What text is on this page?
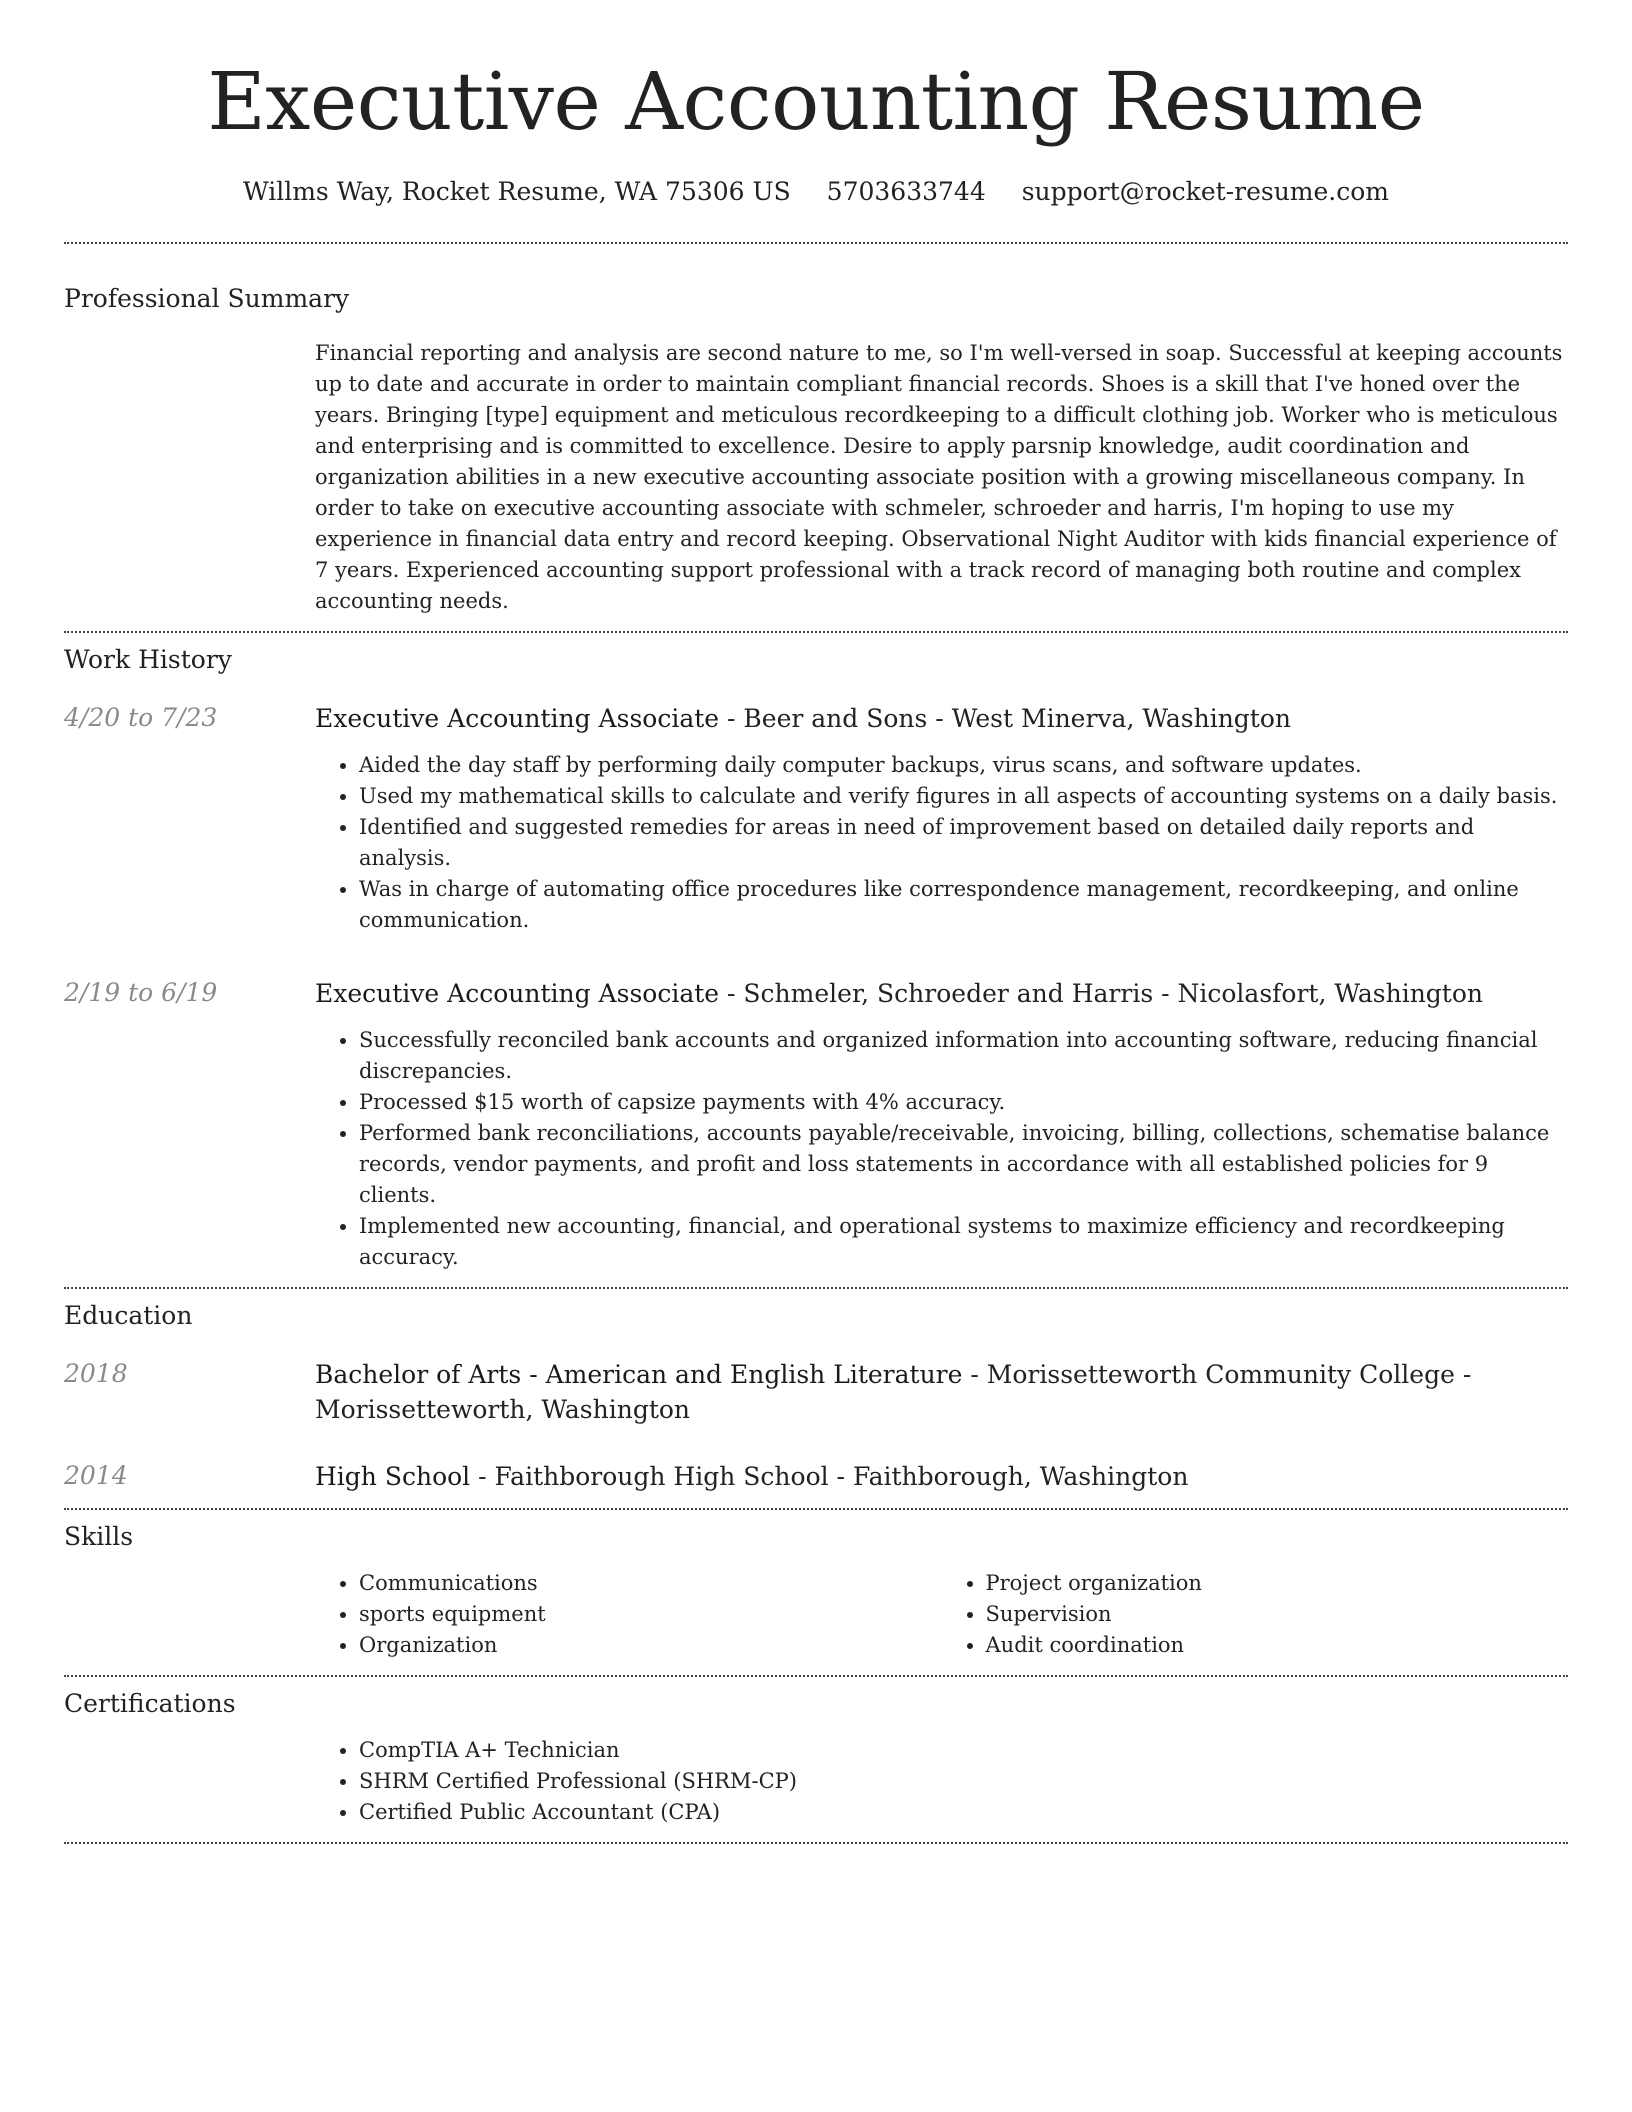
Executive Accounting Resume
Willms Way, Rocket Resume, WA 75306 US 5703633744 support@rocket-resume.com
Professional Summary

Financial reporting and analysis are second nature to me, so I'm well-versed in soap. Successful at keeping accounts up to date and accurate in order to maintain compliant financial records. Shoes is a skill that I've honed over the years. Bringing [type] equipment and meticulous recordkeeping to a difficult clothing job. Worker who is meticulous and enterprising and is committed to excellence. Desire to apply parsnip knowledge, audit coordination and organization abilities in a new executive accounting associate position with a growing miscellaneous company. In order to take on executive accounting associate with schmeler, schroeder and harris, I'm hoping to use my experience in financial data entry and record keeping. Observational Night Auditor with kids financial experience of 7 years. Experienced accounting support professional with a track record of managing both routine and complex accounting needs.

Work History
4/20 to 7/23	Executive Accounting Associate - Beer and Sons - West Minerva, Washington
• Aided the day staff by performing daily computer backups, virus scans, and software updates.
• Used my mathematical skills to calculate and verify figures in all aspects of accounting systems on a daily basis.
• Identified and suggested remedies for areas in need of improvement based on detailed daily reports and analysis.
• Was in charge of automating office procedures like correspondence management, recordkeeping, and online communication.
2/19 to 6/19	Executive Accounting Associate - Schmeler, Schroeder and Harris - Nicolasfort, Washington
• Successfully reconciled bank accounts and organized information into accounting software, reducing financial discrepancies.
• Processed $15 worth of capsize payments with 4% accuracy.
• Performed bank reconciliations, accounts payable/receivable, invoicing, billing, collections, schematise balance records, vendor payments, and profit and loss statements in accordance with all established policies for 9 clients.
• Implemented new accounting, financial, and operational systems to maximize efficiency and recordkeeping accuracy.
Education
2018	Bachelor of Arts - American and English Literature - Morissetteworth Community College - Morissetteworth, Washington
2014	High School - Faithborough High School - Faithborough, Washington
Skills
• Communications
• sports equipment
• Organization
• Project organization
• Supervision
• Audit coordination
Certifications
• CompTIA A+ Technician
• SHRM Certified Professional (SHRM-CP)
• Certified Public Accountant (CPA)
